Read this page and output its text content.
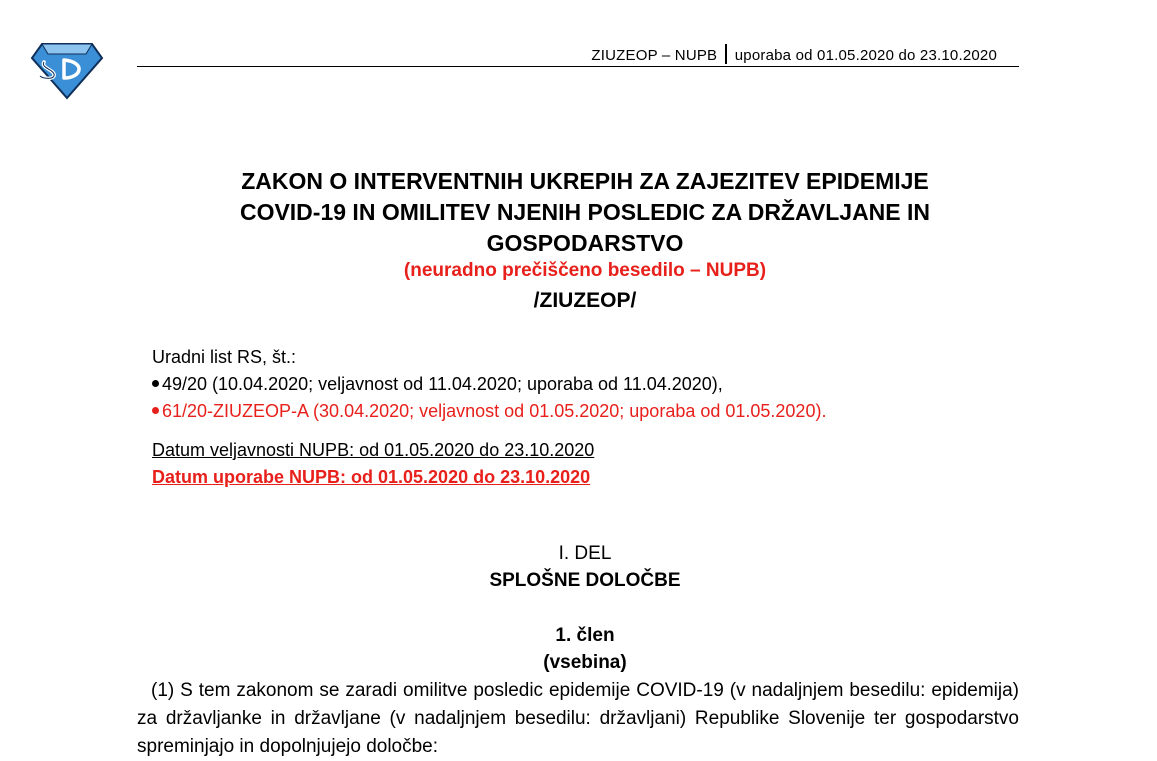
ZIUZEOP – NUPB uporaba od 01.05.2020 do 23.10.2020
ZAKON O INTERVENTNIH UKREPIH ZA ZAJEZITEV EPIDEMIJE
COVID-19 IN OMILITEV NJENIH POSLEDIC ZA DRŽAVLJANE IN
GOSPODARSTVO
(neuradno prečiščeno besedilo – NUPB)
/ZIUZEOP/
Uradni list RS, št.:
49/20 (10.04.2020; veljavnost od 11.04.2020; uporaba od 11.04.2020),
61/20-ZIUZEOP-A (30.04.2020; veljavnost od 01.05.2020; uporaba od 01.05.2020).
Datum veljavnosti NUPB: od 01.05.2020 do 23.10.2020
Datum uporabe NUPB: od 01.05.2020 do 23.10.2020
I. DEL
SPLOŠNE DOLOČBE
1. člen
(vsebina)
(1) S tem zakonom se zaradi omilitve posledic epidemije COVID-19 (v nadaljnjem besedilu: epidemija) za državljanke in državljane (v nadaljnjem besedilu: državljani) Republike Slovenije ter gospodarstvo spreminjajo in dopolnjujejo določbe:
